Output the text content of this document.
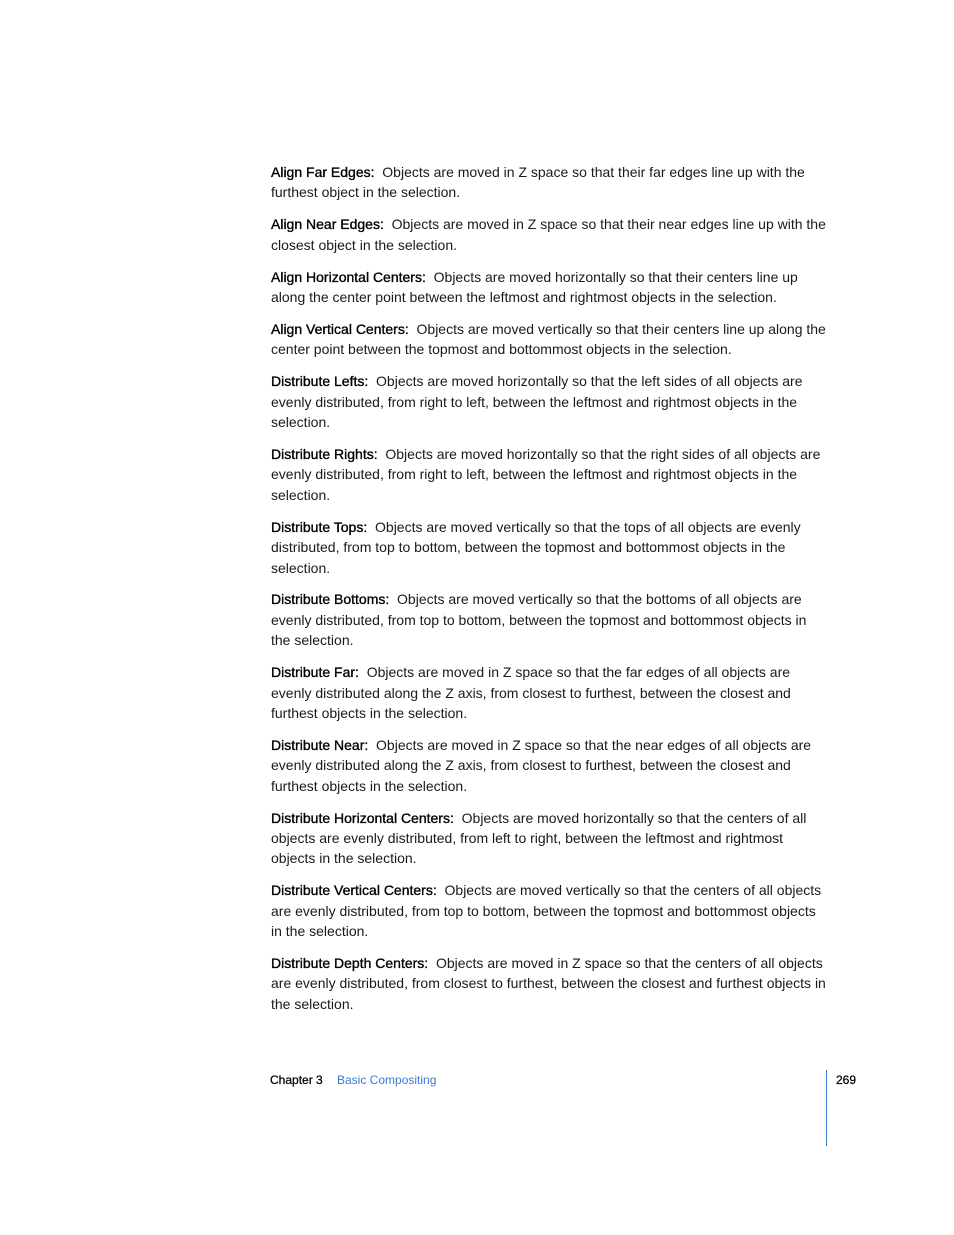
Align Far Edges: Objects are moved in Z space so that their far edges line up with the furthest object in the selection.

Align Near Edges: Objects are moved in Z space so that their near edges line up with the closest object in the selection.

Align Horizontal Centers: Objects are moved horizontally so that their centers line up along the center point between the leftmost and rightmost objects in the selection.

Align Vertical Centers: Objects are moved vertically so that their centers line up along the center point between the topmost and bottommost objects in the selection.

Distribute Lefts: Objects are moved horizontally so that the left sides of all objects are evenly distributed, from right to left, between the leftmost and rightmost objects in the selection.

Distribute Rights: Objects are moved horizontally so that the right sides of all objects are evenly distributed, from right to left, between the leftmost and rightmost objects in the selection.

Distribute Tops: Objects are moved vertically so that the tops of all objects are evenly distributed, from top to bottom, between the topmost and bottommost objects in the selection.

Distribute Bottoms: Objects are moved vertically so that the bottoms of all objects are evenly distributed, from top to bottom, between the topmost and bottommost objects in the selection.

Distribute Far: Objects are moved in Z space so that the far edges of all objects are evenly distributed along the Z axis, from closest to furthest, between the closest and furthest objects in the selection.

Distribute Near: Objects are moved in Z space so that the near edges of all objects are evenly distributed along the Z axis, from closest to furthest, between the closest and furthest objects in the selection.

Distribute Horizontal Centers: Objects are moved horizontally so that the centers of all objects are evenly distributed, from left to right, between the leftmost and rightmost objects in the selection.

Distribute Vertical Centers: Objects are moved vertically so that the centers of all objects are evenly distributed, from top to bottom, between the topmost and bottommost objects in the selection.

Distribute Depth Centers: Objects are moved in Z space so that the centers of all objects are evenly distributed, from closest to furthest, between the closest and furthest objects in the selection.

Chapter 3 Basic Compositing	269
